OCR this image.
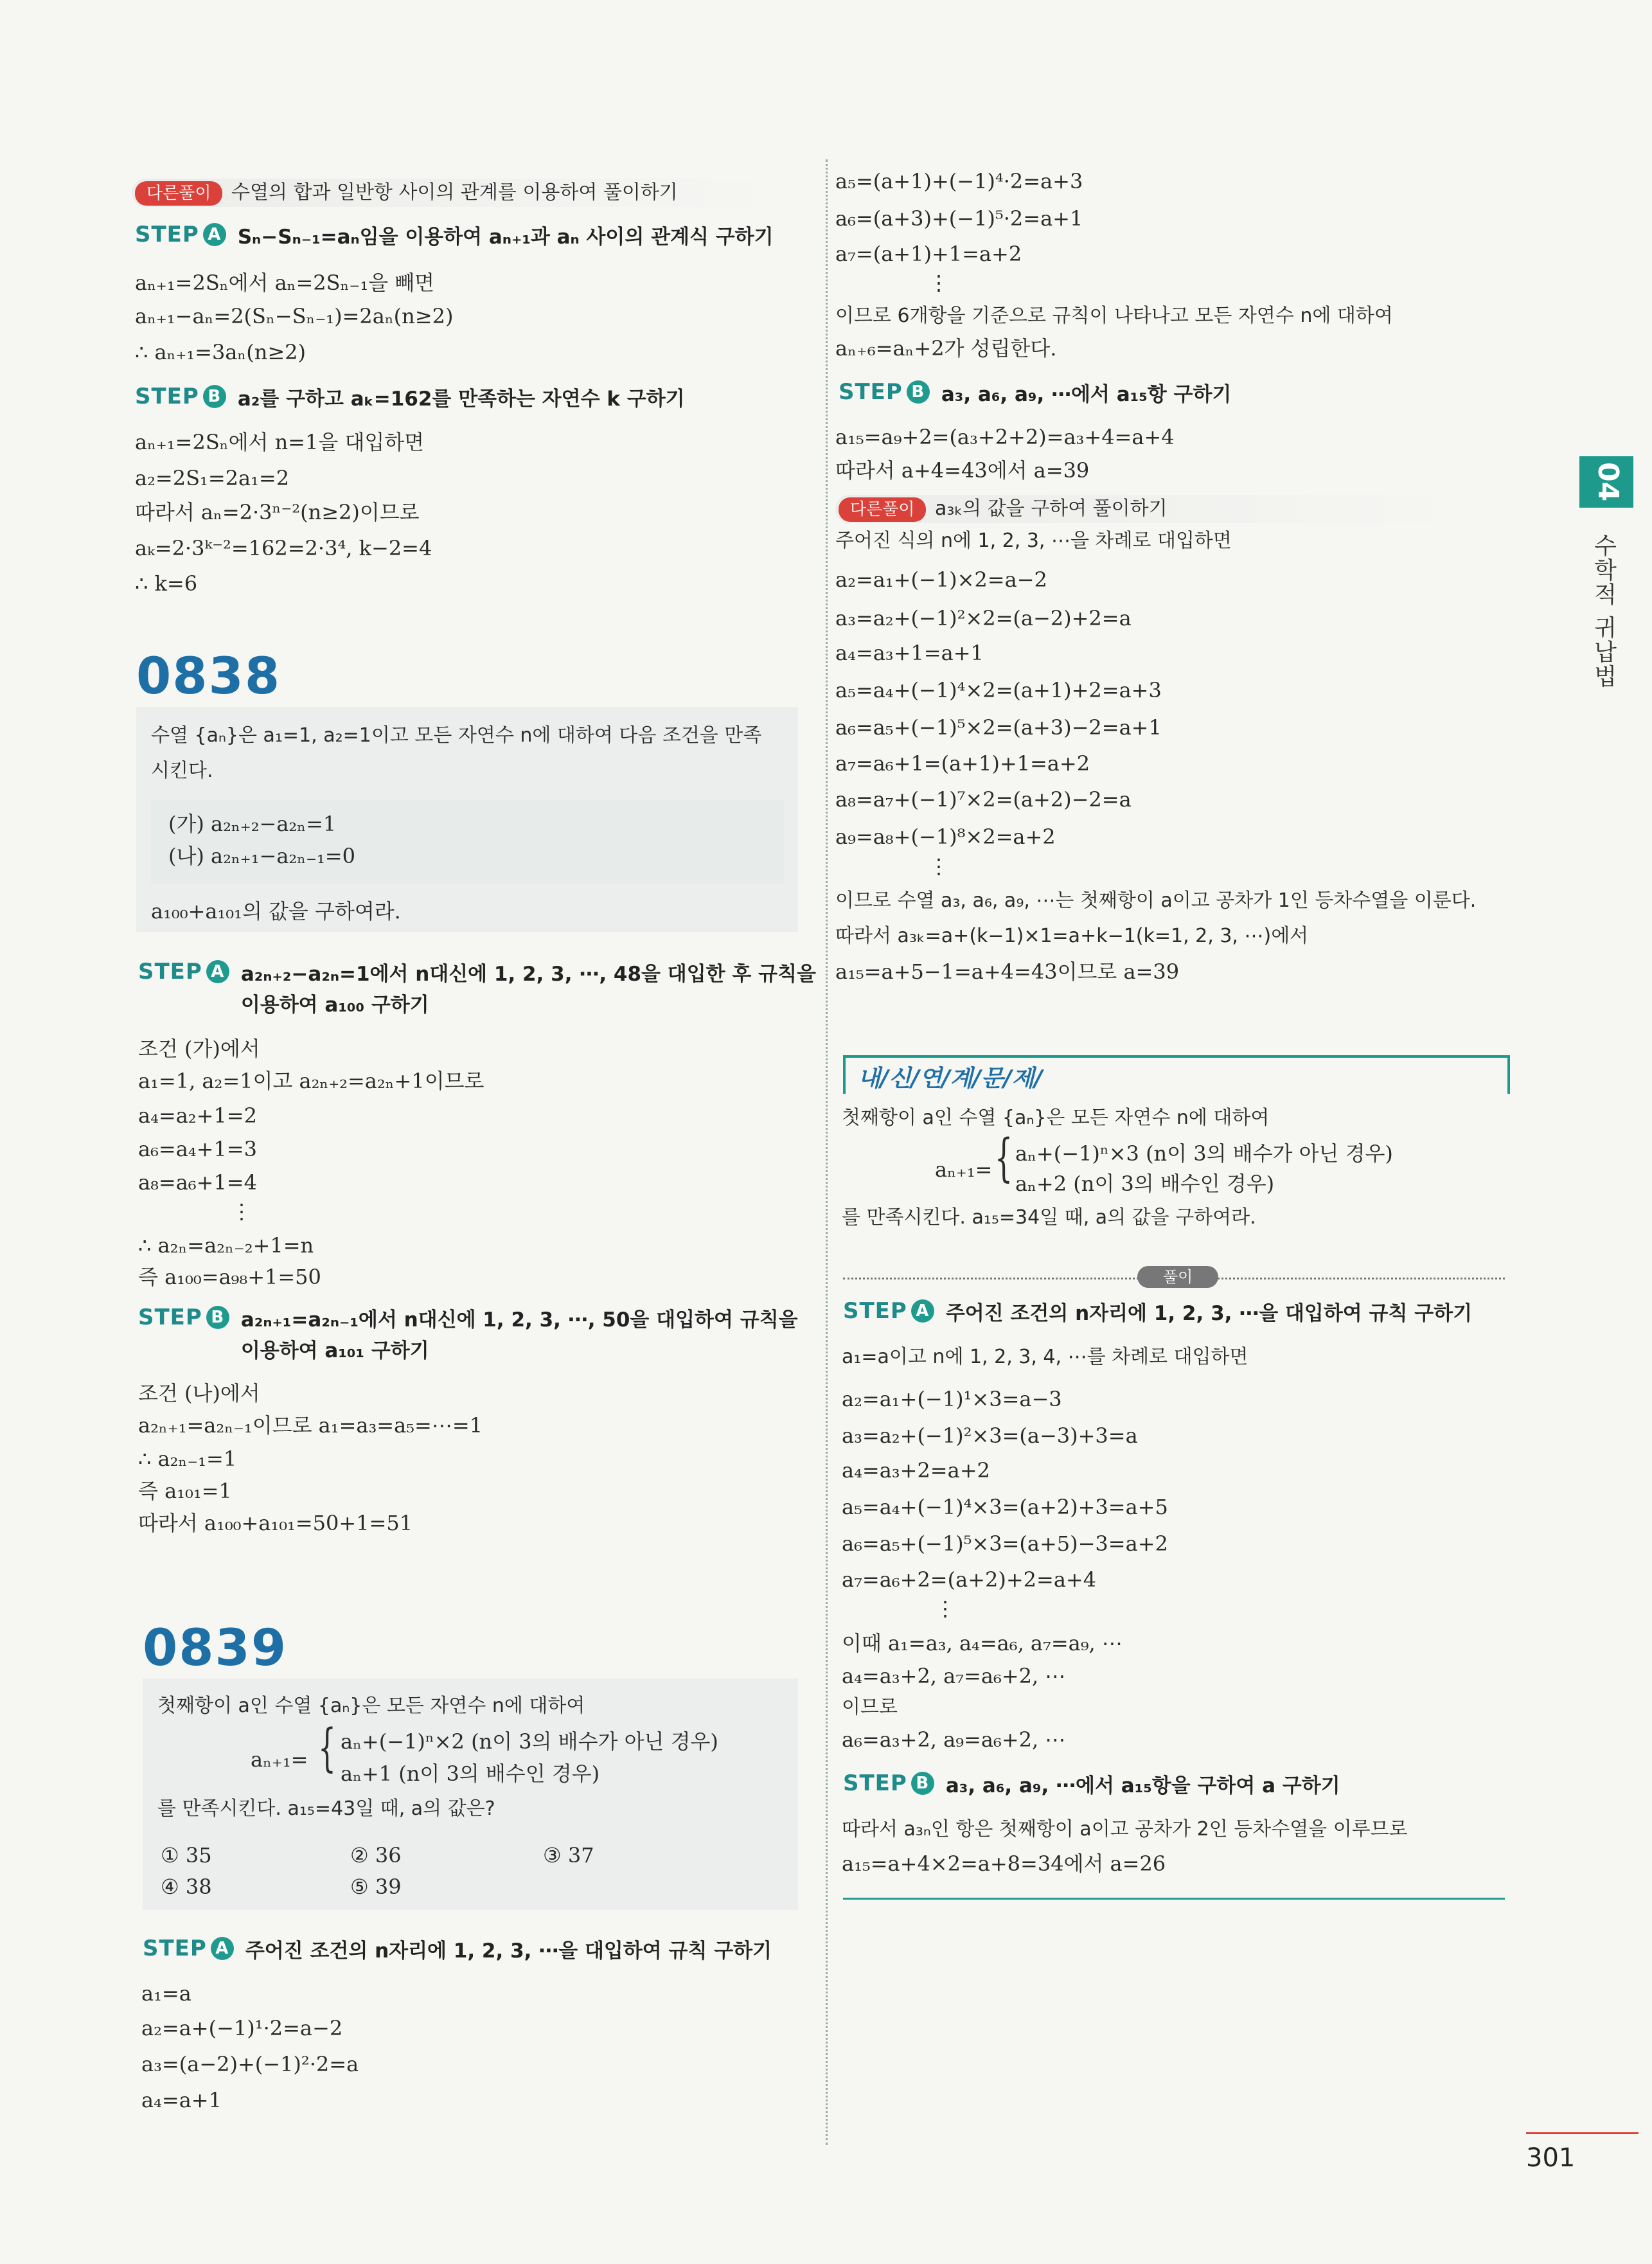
다른풀이	수열의 합과 일반항 사이의 관계를 이용하여 풀이하기
STEP A Sₙ−Sₙ₋₁=aₙ임을 이용하여 aₙ₊₁과 aₙ 사이의 관계식 구하기
aₙ₊₁=2Sₙ에서 aₙ=2Sₙ₋₁을 빼면
aₙ₊₁−aₙ=2(Sₙ−Sₙ₋₁)=2aₙ(n≥2)
∴ aₙ₊₁=3aₙ(n≥2)
STEP B a₂를 구하고 aₖ=162를 만족하는 자연수 k 구하기
aₙ₊₁=2Sₙ에서 n=1을 대입하면
a₂=2S₁=2a₁=2
따라서 aₙ=2·3ⁿ⁻²(n≥2)이므로
aₖ=2·3ᵏ⁻²=162=2·3⁴, k−2=4
∴ k=6
0838
수열 {aₙ}은 a₁=1, a₂=1이고 모든 자연수 n에 대하여 다음 조건을 만족
시킨다.
(가) a₂ₙ₊₂−a₂ₙ=1
(나) a₂ₙ₊₁−a₂ₙ₋₁=0
a₁₀₀+a₁₀₁의 값을 구하여라.
STEP A a₂ₙ₊₂−a₂ₙ=1에서 n대신에 1, 2, 3, ⋯, 48을 대입한 후 규칙을
이용하여 a₁₀₀ 구하기
조건 (가)에서
a₁=1, a₂=1이고 a₂ₙ₊₂=a₂ₙ+1이므로
a₄=a₂+1=2
a₆=a₄+1=3
a₈=a₆+1=4
⋮
∴ a₂ₙ=a₂ₙ₋₂+1=n
즉 a₁₀₀=a₉₈+1=50
STEP B a₂ₙ₊₁=a₂ₙ₋₁에서 n대신에 1, 2, 3, ⋯, 50을 대입하여 규칙을
이용하여 a₁₀₁ 구하기
조건 (나)에서
a₂ₙ₊₁=a₂ₙ₋₁이므로 a₁=a₃=a₅=⋯=1
∴ a₂ₙ₋₁=1
즉 a₁₀₁=1
따라서 a₁₀₀+a₁₀₁=50+1=51
0839
첫째항이 a인 수열 {aₙ}은 모든 자연수 n에 대하여
aₙ₊₁= { aₙ+(−1)ⁿ×2 (n이 3의 배수가 아닌 경우)
aₙ+1 (n이 3의 배수인 경우)
를 만족시킨다. a₁₅=43일 때, a의 값은?
① 35	② 36	③ 37
④ 38	⑤ 39
STEP A 주어진 조건의 n자리에 1, 2, 3, ⋯을 대입하여 규칙 구하기
a₁=a
a₂=a+(−1)¹·2=a−2
a₃=(a−2)+(−1)²·2=a
a₄=a+1
a₅=(a+1)+(−1)⁴·2=a+3
a₆=(a+3)+(−1)⁵·2=a+1
a₇=(a+1)+1=a+2
⋮
이므로 6개항을 기준으로 규칙이 나타나고 모든 자연수 n에 대하여
aₙ₊₆=aₙ+2가 성립한다.
STEP B a₃, a₆, a₉, ⋯에서 a₁₅항 구하기
a₁₅=a₉+2=(a₃+2+2)=a₃+4=a+4
따라서 a+4=43에서 a=39
다른풀이	a₃ₖ의 값을 구하여 풀이하기
주어진 식의 n에 1, 2, 3, ⋯을 차례로 대입하면
a₂=a₁+(−1)×2=a−2
a₃=a₂+(−1)²×2=(a−2)+2=a
a₄=a₃+1=a+1
a₅=a₄+(−1)⁴×2=(a+1)+2=a+3
a₆=a₅+(−1)⁵×2=(a+3)−2=a+1
a₇=a₆+1=(a+1)+1=a+2
a₈=a₇+(−1)⁷×2=(a+2)−2=a
a₉=a₈+(−1)⁸×2=a+2
⋮
이므로 수열 a₃, a₆, a₉, ⋯는 첫째항이 a이고 공차가 1인 등차수열을 이룬다.
따라서 a₃ₖ=a+(k−1)×1=a+k−1(k=1, 2, 3, ⋯)에서
a₁₅=a+5−1=a+4=43이므로 a=39
내/신/연/계/문/제/
첫째항이 a인 수열 {aₙ}은 모든 자연수 n에 대하여
aₙ₊₁= { aₙ+(−1)ⁿ×3 (n이 3의 배수가 아닌 경우)
aₙ+2 (n이 3의 배수인 경우)
를 만족시킨다. a₁₅=34일 때, a의 값을 구하여라.
풀이
STEP A 주어진 조건의 n자리에 1, 2, 3, ⋯을 대입하여 규칙 구하기
a₁=a이고 n에 1, 2, 3, 4, ⋯를 차례로 대입하면
a₂=a₁+(−1)¹×3=a−3
a₃=a₂+(−1)²×3=(a−3)+3=a
a₄=a₃+2=a+2
a₅=a₄+(−1)⁴×3=(a+2)+3=a+5
a₆=a₅+(−1)⁵×3=(a+5)−3=a+2
a₇=a₆+2=(a+2)+2=a+4
⋮
이때 a₁=a₃, a₄=a₆, a₇=a₉, ⋯
a₄=a₃+2, a₇=a₆+2, ⋯
이므로
a₆=a₃+2, a₉=a₆+2, ⋯
STEP B a₃, a₆, a₉, ⋯에서 a₁₅항을 구하여 a 구하기
따라서 a₃ₙ인 항은 첫째항이 a이고 공차가 2인 등차수열을 이루므로
a₁₅=a+4×2=a+8=34에서 a=26
04
수학적 귀납법
301
